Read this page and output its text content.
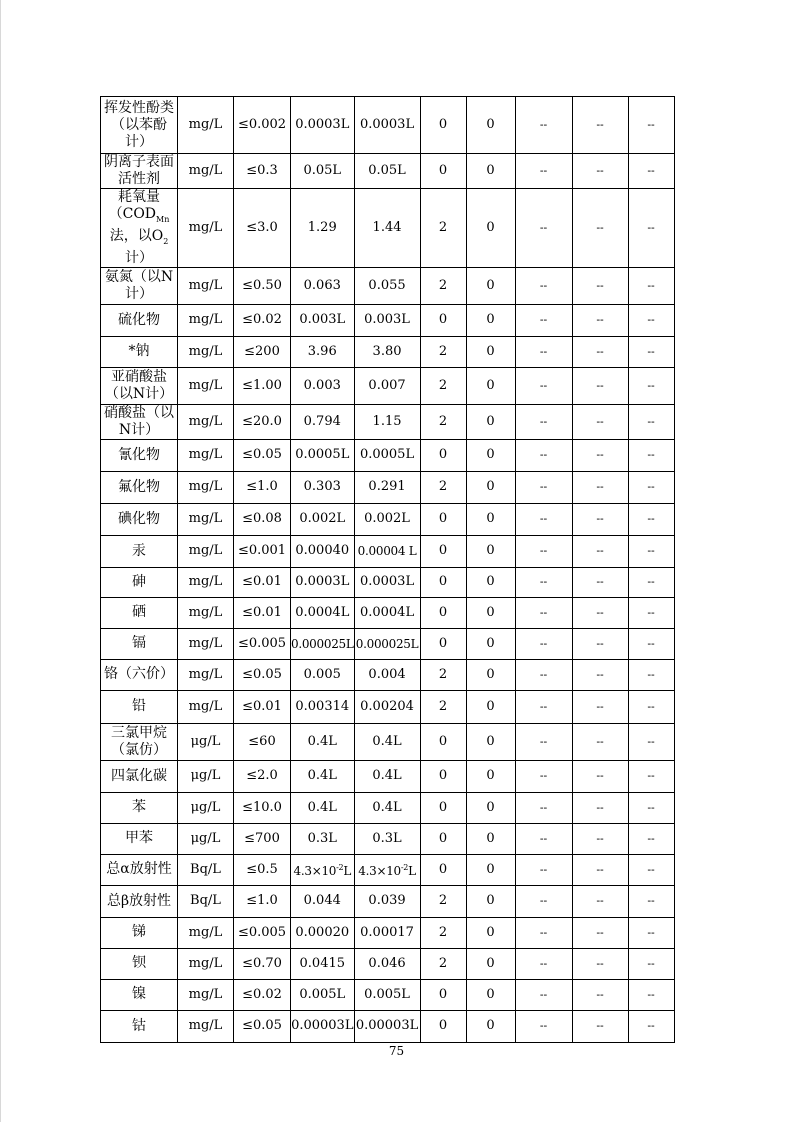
挥发性酚类（以苯酚计）	mg/L	≤0.002	0.0003L	0.0003L	0	0	--	--	--
阴离子表面活性剂	mg/L	≤0.3	0.05L	0.05L	0	0	--	--	--
耗氧量（$COD_{Mn}$法，以$O_2$计）	mg/L	≤3.0	1.29	1.44	2	0	--	--	--
氨氮（以N计）	mg/L	≤0.50	0.063	0.055	2	0	--	--	--
硫化物	mg/L	≤0.02	0.003L	0.003L	0	0	--	--	--
*钠	mg/L	≤200	3.96	3.80	2	0	--	--	--
亚硝酸盐（以N计）	mg/L	≤1.00	0.003	0.007	2	0	--	--	--
硝酸盐（以N计）	mg/L	≤20.0	0.794	1.15	2	0	--	--	--
氰化物	mg/L	≤0.05	0.0005L	0.0005L	0	0	--	--	--
氟化物	mg/L	≤1.0	0.303	0.291	2	0	--	--	--
碘化物	mg/L	≤0.08	0.002L	0.002L	0	0	--	--	--
汞	mg/L	≤0.001	0.00040	0.00004 L	0	0	--	--	--
砷	mg/L	≤0.01	0.0003L	0.0003L	0	0	--	--	--
硒	mg/L	≤0.01	0.0004L	0.0004L	0	0	--	--	--
镉	mg/L	≤0.005	0.000025L	0.000025L	0	0	--	--	--
铬（六价）	mg/L	≤0.05	0.005	0.004	2	0	--	--	--
铅	mg/L	≤0.01	0.00314	0.00204	2	0	--	--	--
三氯甲烷（氯仿）	μg/L	≤60	0.4L	0.4L	0	0	--	--	--
四氯化碳	μg/L	≤2.0	0.4L	0.4L	0	0	--	--	--
苯	μg/L	≤10.0	0.4L	0.4L	0	0	--	--	--
甲苯	μg/L	≤700	0.3L	0.3L	0	0	--	--	--
总α放射性	Bq/L	≤0.5	$4.3\times 10^{-2}L$	$4.3\times 10^{-2}L$	0	0	--	--	--
总β放射性	Bq/L	≤1.0	0.044	0.039	2	0	--	--	--
锑	mg/L	≤0.005	0.00020	0.00017	2	0	--	--	--
钡	mg/L	≤0.70	0.0415	0.046	2	0	--	--	--
镍	mg/L	≤0.02	0.005L	0.005L	0	0	--	--	--
钴	mg/L	≤0.05	0.00003L	0.00003L	0	0	--	--	--
75
